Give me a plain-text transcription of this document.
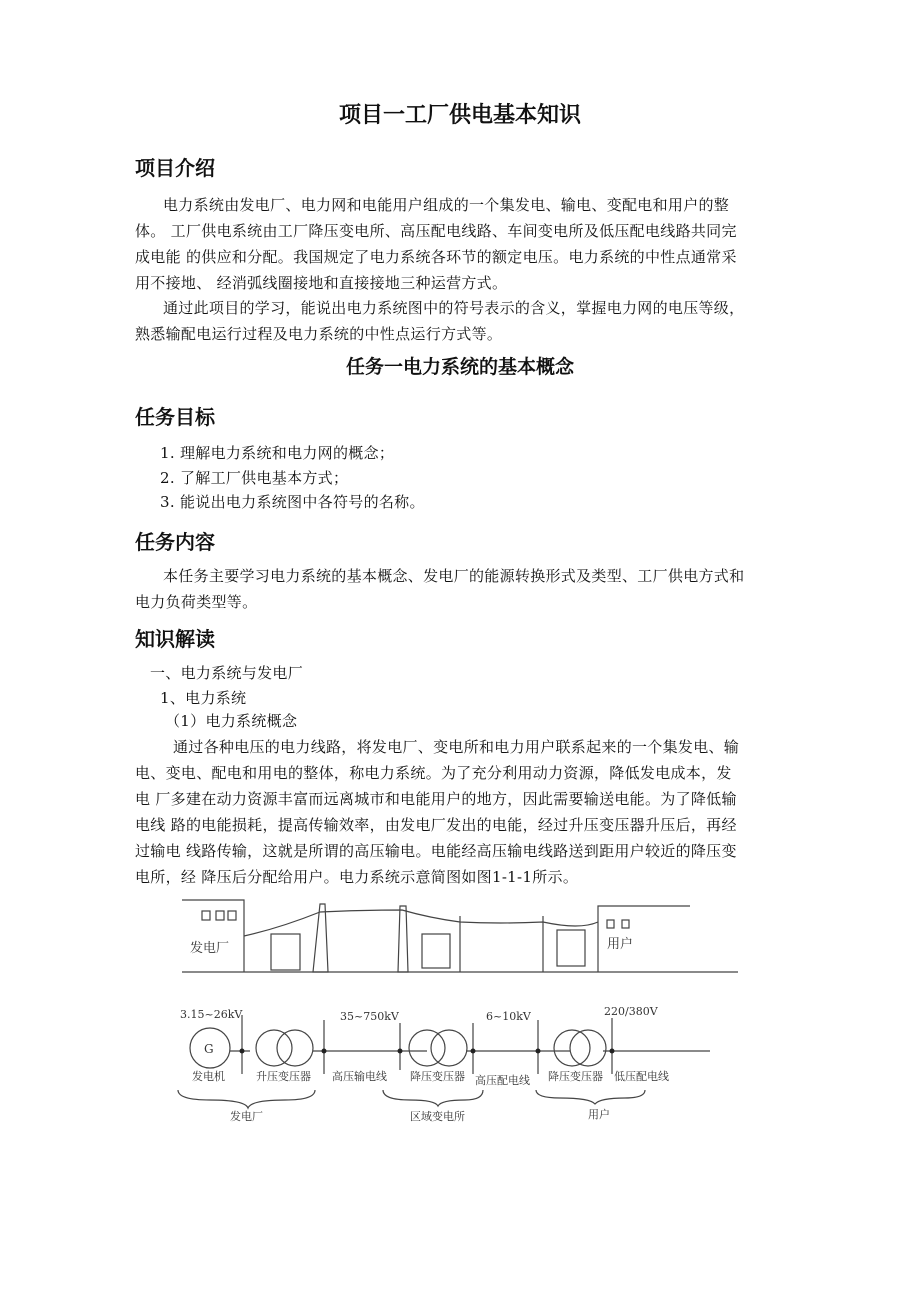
项目一工厂供电基本知识
项目介绍
电力系统由发电厂、电力网和电能用户组成的一个集发电、输电、变配电和用户的整
体。 工厂供电系统由工厂降压变电所、高压配电线路、车间变电所及低压配电线路共同完
成电能 的供应和分配。我国规定了电力系统各环节的额定电压。电力系统的中性点通常采
用不接地、 经消弧线圈接地和直接接地三种运营方式。
通过此项目的学习，能说出电力系统图中的符号表示的含义，掌握电力网的电压等级，
熟悉输配电运行过程及电力系统的中性点运行方式等。
任务一电力系统的基本概念
任务目标
1. 理解电力系统和电力网的概念；
2. 了解工厂供电基本方式；
3. 能说出电力系统图中各符号的名称。
任务内容
本任务主要学习电力系统的基本概念、发电厂的能源转换形式及类型、工厂供电方式和
电力负荷类型等。
知识解读
一、电力系统与发电厂
1、电力系统
（1）电力系统概念
通过各种电压的电力线路，将发电厂、变电所和电力用户联系起来的一个集发电、输
电、变电、配电和用电的整体，称电力系统。为了充分利用动力资源，降低发电成本，发
电 厂多建在动力资源丰富而远离城市和电能用户的地方，因此需要输送电能。为了降低输
电线 路的电能损耗，提高传输效率，由发电厂发出的电能，经过升压变压器升压后，再经
过输电 线路传输，这就是所谓的高压输电。电能经高压输电线路送到距用户较近的降压变
电所，经 降压后分配给用户。电力系统示意简图如图1-1-1所示。
发电厂	用户
G
3.15~26kV	35~750kV	6~10kV	220/380V
发电机	升压变压器 高压输电线 降压变压器 高压配电线 降压变压器 低压配电线
发电厂	区域变电所	用户
